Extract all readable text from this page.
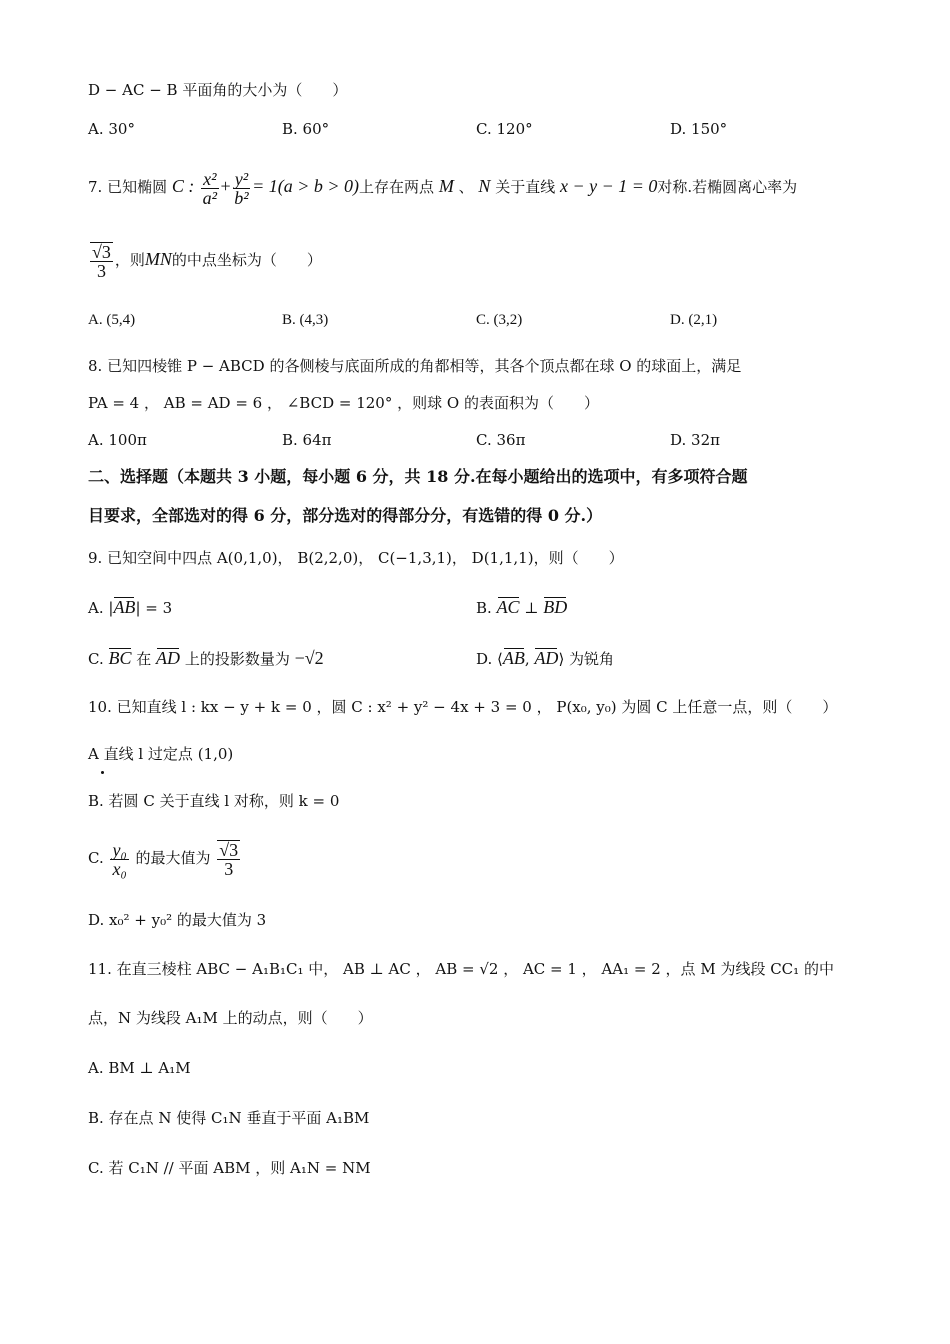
D − AC − B 平面角的大小为（　　）
A. 30°	B. 60°	C. 120°	D. 150°
7. 已知椭圆 C : $\frac{\text{x²}}{\text{a²}} + \frac{\text{y²}}{\text{b²}} = 1(a > b > 0)$上存在两点 M 、 N 关于直线 x − y − 1 = 0对称.若椭圆离心率为
$\frac{√3}{3}$ ，则MN的中点坐标为（　　）
A. (5,4)	B. (4,3)	C. (3,2)	D. (2,1)
8. 已知四棱锥 P − ABCD 的各侧棱与底面所成的角都相等，其各个顶点都在球 O 的球面上，满足
PA = 4 ， AB = AD = 6 ， ∠BCD = 120° ，则球 O 的表面积为（　　）
A. 100π	B. 64π	C. 36π	D. 32π
二、选择题（本题共 3 小题，每小题 6 分，共 18 分.在每小题给出的选项中，有多项符合题
目要求，全部选对的得 6 分，部分选对的得部分分，有选错的得 0 分.）
9. 已知空间中四点 A(0,1,0)， B(2,2,0)， C(−1,3,1)， D(1,1,1)，则（　　）
A. |AB| = 3	B. AC ⊥ BD
C. BC 在 AD 上的投影数量为 −√2	D. ⟨AB, AD⟩ 为锐角
10. 已知直线 l : kx − y + k = 0 ，圆 C : x² + y² − 4x + 3 = 0 ， P(x₀, y₀) 为圆 C 上任意一点，则（　　）
A 直线 l 过定点 (1,0)
B. 若圆 C 关于直线 l 对称，则 k = 0
C. $\frac{\text{y₀}}{\text{x₀}}$ 的最大值为 $\frac{√3}{3}$
D. x₀² + y₀² 的最大值为 3
11. 在直三棱柱 ABC − A₁B₁C₁ 中， AB ⊥ AC ， AB = √2 ， AC = 1 ， AA₁ = 2 ，点 M 为线段 CC₁ 的中
点，N 为线段 A₁M 上的动点，则（　　）
A. BM ⊥ A₁M
B. 存在点 N 使得 C₁N 垂直于平面 A₁BM
C. 若 C₁N // 平面 ABM ，则 A₁N = NM
